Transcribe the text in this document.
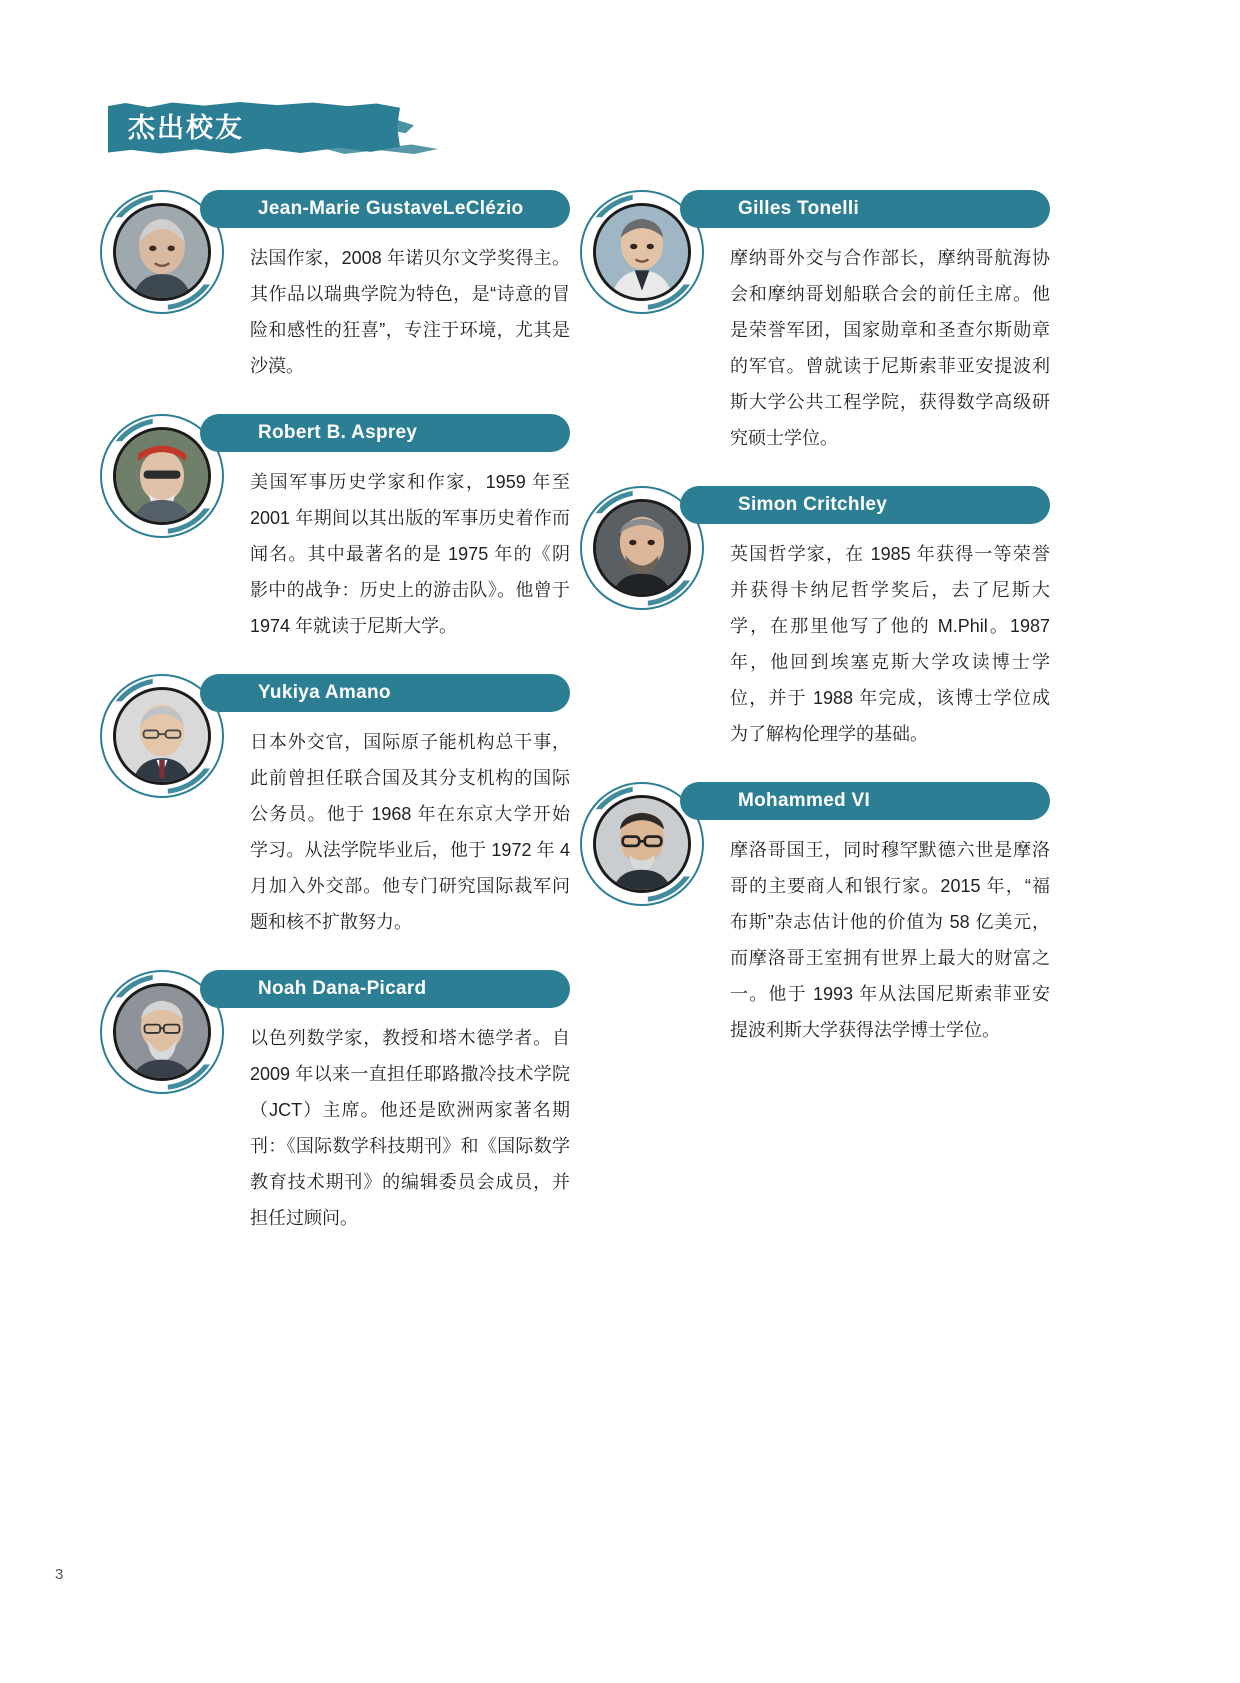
杰出校友
Jean-Marie GustaveLeClézio
法国作家，2008 年诺贝尔文学奖得主。其作品以瑞典学院为特色，是“诗意的冒险和感性的狂喜”，专注于环境，尤其是沙漠。
Robert B. Asprey
美国军事历史学家和作家，1959 年至 2001 年期间以其出版的军事历史着作而闻名。其中最著名的是 1975 年的《阴影中的战争：历史上的游击队》。他曾于 1974 年就读于尼斯大学。
Yukiya Amano
日本外交官，国际原子能机构总干事，此前曾担任联合国及其分支机构的国际公务员。他于 1968 年在东京大学开始学习。从法学院毕业后，他于 1972 年 4 月加入外交部。他专门研究国际裁军问题和核不扩散努力。
Noah Dana-Picard
以色列数学家，教授和塔木德学者。自 2009 年以来一直担任耶路撒冷技术学院（JCT）主席。他还是欧洲两家著名期刊：《国际数学科技期刊》和《国际数学教育技术期刊》的编辑委员会成员，并担任过顾问。
Gilles Tonelli
摩纳哥外交与合作部长，摩纳哥航海协会和摩纳哥划船联合会的前任主席。他是荣誉军团，国家勋章和圣查尔斯勋章的军官。曾就读于尼斯索菲亚安提波利斯大学公共工程学院，获得数学高级研究硕士学位。
Simon Critchley
英国哲学家，在 1985 年获得一等荣誉并获得卡纳尼哲学奖后，去了尼斯大学，在那里他写了他的 M.Phil。1987 年，他回到埃塞克斯大学攻读博士学位，并于 1988 年完成，该博士学位成为了解构伦理学的基础。
Mohammed VI
摩洛哥国王，同时穆罕默德六世是摩洛哥的主要商人和银行家。2015 年，“福布斯”杂志估计他的价值为 58 亿美元，而摩洛哥王室拥有世界上最大的财富之一。他于 1993 年从法国尼斯索菲亚安提波利斯大学获得法学博士学位。
3
